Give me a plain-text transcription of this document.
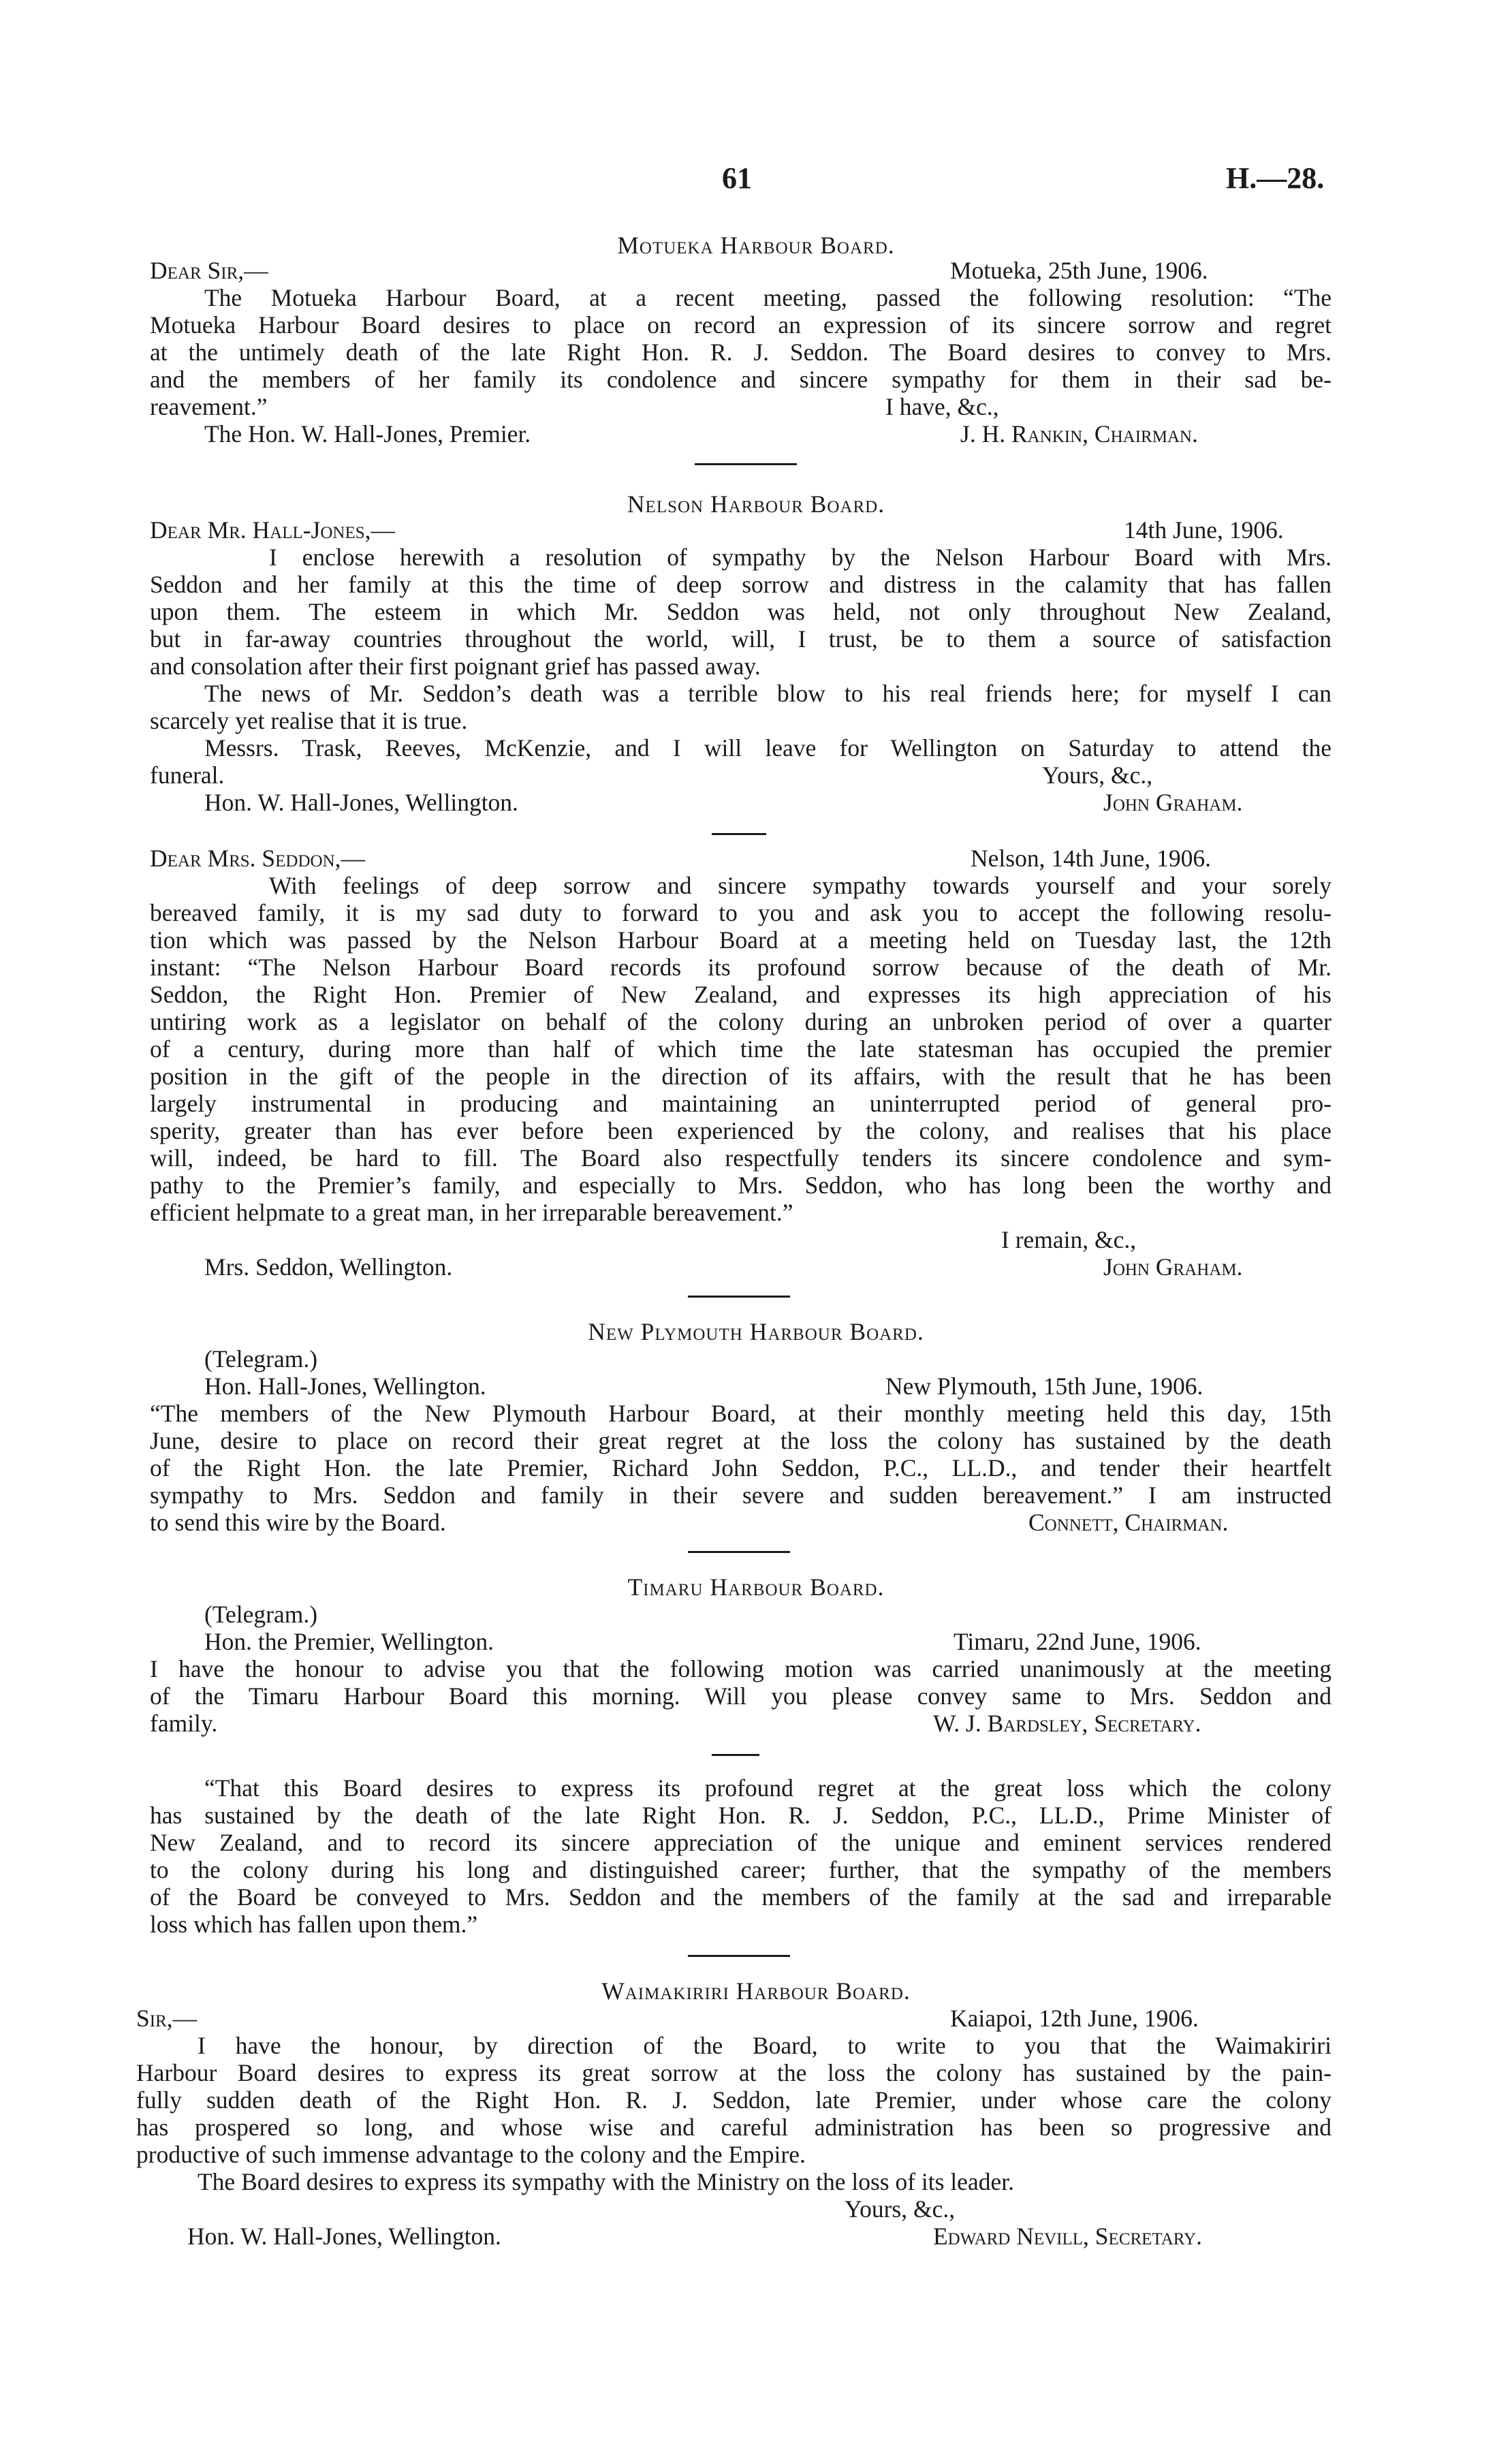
61	H.—28.
Motueka Harbour Board.
Dear Sir,—	Motueka, 25th June, 1906.
The Motueka Harbour Board, at a recent meeting, passed the following resolution: “The
Motueka Harbour Board desires to place on record an expression of its sincere sorrow and regret
at the untimely death of the late Right Hon. R. J. Seddon. The Board desires to convey to Mrs.
and the members of her family its condolence and sincere sympathy for them in their sad be-
reavement.”	I have, &c.,
The Hon. W. Hall-Jones, Premier.	J. H. Rankin, Chairman.
Nelson Harbour Board.
Dear Mr. Hall-Jones,—	14th June, 1906.
I enclose herewith a resolution of sympathy by the Nelson Harbour Board with Mrs.
Seddon and her family at this the time of deep sorrow and distress in the calamity that has fallen
upon them. The esteem in which Mr. Seddon was held, not only throughout New Zealand,
but in far-away countries throughout the world, will, I trust, be to them a source of satisfaction
and consolation after their first poignant grief has passed away.
The news of Mr. Seddon’s death was a terrible blow to his real friends here; for myself I can
scarcely yet realise that it is true.
Messrs. Trask, Reeves, McKenzie, and I will leave for Wellington on Saturday to attend the
funeral.	Yours, &c.,
Hon. W. Hall-Jones, Wellington.	John Graham.
Dear Mrs. Seddon,—	Nelson, 14th June, 1906.
With feelings of deep sorrow and sincere sympathy towards yourself and your sorely
bereaved family, it is my sad duty to forward to you and ask you to accept the following resolu-
tion which was passed by the Nelson Harbour Board at a meeting held on Tuesday last, the 12th
instant: “The Nelson Harbour Board records its profound sorrow because of the death of Mr.
Seddon, the Right Hon. Premier of New Zealand, and expresses its high appreciation of his
untiring work as a legislator on behalf of the colony during an unbroken period of over a quarter
of a century, during more than half of which time the late statesman has occupied the premier
position in the gift of the people in the direction of its affairs, with the result that he has been
largely instrumental in producing and maintaining an uninterrupted period of general pro-
sperity, greater than has ever before been experienced by the colony, and realises that his place
will, indeed, be hard to fill. The Board also respectfully tenders its sincere condolence and sym-
pathy to the Premier’s family, and especially to Mrs. Seddon, who has long been the worthy and
efficient helpmate to a great man, in her irreparable bereavement.”
I remain, &c.,
Mrs. Seddon, Wellington.	John Graham.
New Plymouth Harbour Board.
(Telegram.)
Hon. Hall-Jones, Wellington.	New Plymouth, 15th June, 1906.
“The members of the New Plymouth Harbour Board, at their monthly meeting held this day, 15th
June, desire to place on record their great regret at the loss the colony has sustained by the death
of the Right Hon. the late Premier, Richard John Seddon, P.C., LL.D., and tender their heartfelt
sympathy to Mrs. Seddon and family in their severe and sudden bereavement.” I am instructed
to send this wire by the Board.	Connett, Chairman.
Timaru Harbour Board.
(Telegram.)
Hon. the Premier, Wellington.	Timaru, 22nd June, 1906.
I have the honour to advise you that the following motion was carried unanimously at the meeting
of the Timaru Harbour Board this morning. Will you please convey same to Mrs. Seddon and
family.	W. J. Bardsley, Secretary.
“That this Board desires to express its profound regret at the great loss which the colony
has sustained by the death of the late Right Hon. R. J. Seddon, P.C., LL.D., Prime Minister of
New Zealand, and to record its sincere appreciation of the unique and eminent services rendered
to the colony during his long and distinguished career; further, that the sympathy of the members
of the Board be conveyed to Mrs. Seddon and the members of the family at the sad and irreparable
loss which has fallen upon them.”
Waimakiriri Harbour Board.
Sir,—	Kaiapoi, 12th June, 1906.
I have the honour, by direction of the Board, to write to you that the Waimakiriri
Harbour Board desires to express its great sorrow at the loss the colony has sustained by the pain-
fully sudden death of the Right Hon. R. J. Seddon, late Premier, under whose care the colony
has prospered so long, and whose wise and careful administration has been so progressive and
productive of such immense advantage to the colony and the Empire.
The Board desires to express its sympathy with the Ministry on the loss of its leader.
Yours, &c.,
Hon. W. Hall-Jones, Wellington.	Edward Nevill, Secretary.
